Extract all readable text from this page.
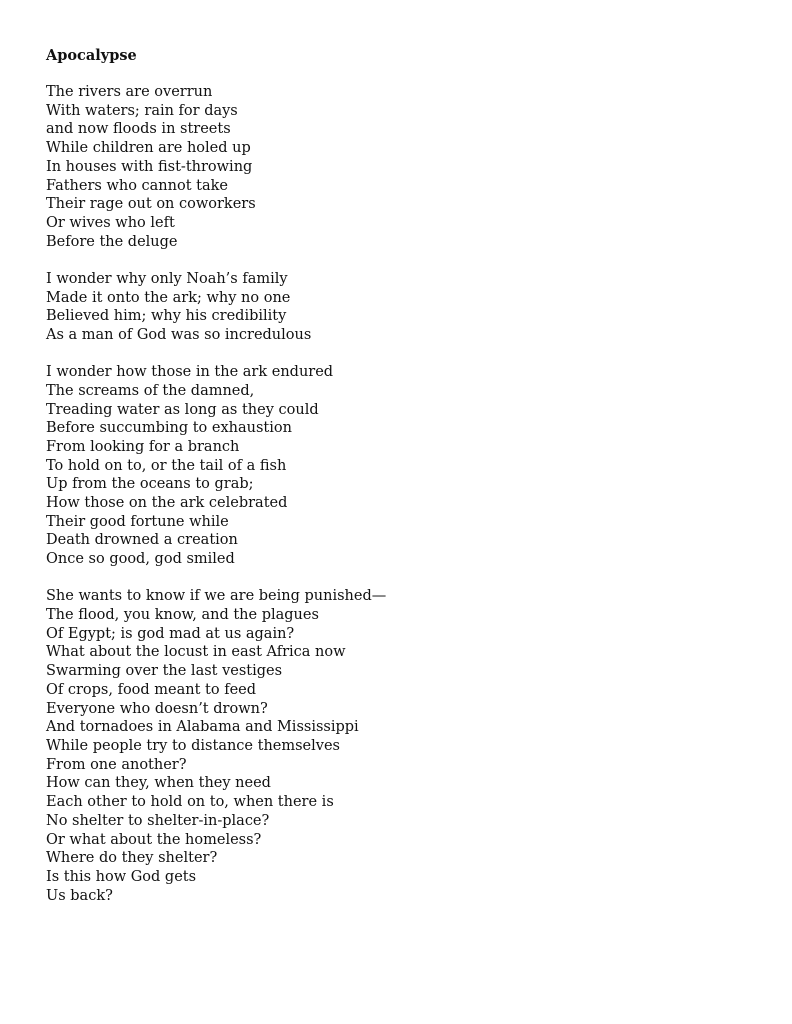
Apocalypse
The rivers are overrun
With waters; rain for days
and now floods in streets
While children are holed up
In houses with fist-throwing
Fathers who cannot take
Their rage out on coworkers
Or wives who left
Before the deluge
I wonder why only Noah’s family
Made it onto the ark; why no one
Believed him; why his credibility
As a man of God was so incredulous
I wonder how those in the ark endured
The screams of the damned,
Treading water as long as they could
Before succumbing to exhaustion
From looking for a branch
To hold on to, or the tail of a fish
Up from the oceans to grab;
How those on the ark celebrated
Their good fortune while
Death drowned a creation
Once so good, god smiled
She wants to know if we are being punished—
The flood, you know, and the plagues
Of Egypt; is god mad at us again?
What about the locust in east Africa now
Swarming over the last vestiges
Of crops, food meant to feed
Everyone who doesn’t drown?
And tornadoes in Alabama and Mississippi
While people try to distance themselves
From one another?
How can they, when they need
Each other to hold on to, when there is
No shelter to shelter-in-place?
Or what about the homeless?
Where do they shelter?
Is this how God gets
Us back?
